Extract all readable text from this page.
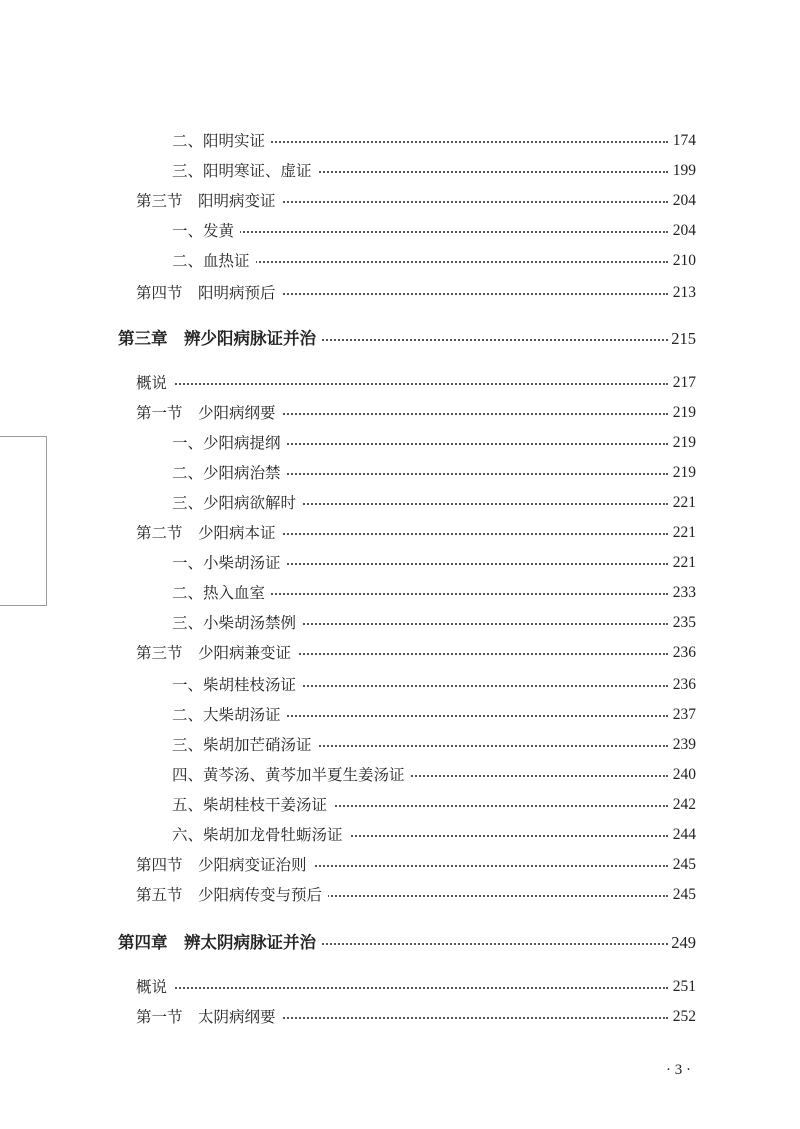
二、阳明实证	174
三、阳明寒证、虚证	199
第三节　阳明病变证	204
一、发黄	204
二、血热证	210
第四节　阳明病预后	213
第三章　辨少阳病脉证并治	215
概说	217
第一节　少阳病纲要	219
一、少阳病提纲	219
二、少阳病治禁	219
三、少阳病欲解时	221
第二节　少阳病本证	221
一、小柴胡汤证	221
二、热入血室	233
三、小柴胡汤禁例	235
第三节　少阳病兼变证	236
一、柴胡桂枝汤证	236
二、大柴胡汤证	237
三、柴胡加芒硝汤证	239
四、黄芩汤、黄芩加半夏生姜汤证	240
五、柴胡桂枝干姜汤证	242
六、柴胡加龙骨牡蛎汤证	244
第四节　少阳病变证治则	245
第五节　少阳病传变与预后	245
第四章　辨太阴病脉证并治	249
概说	251
第一节　太阴病纲要	252
· 3 ·
